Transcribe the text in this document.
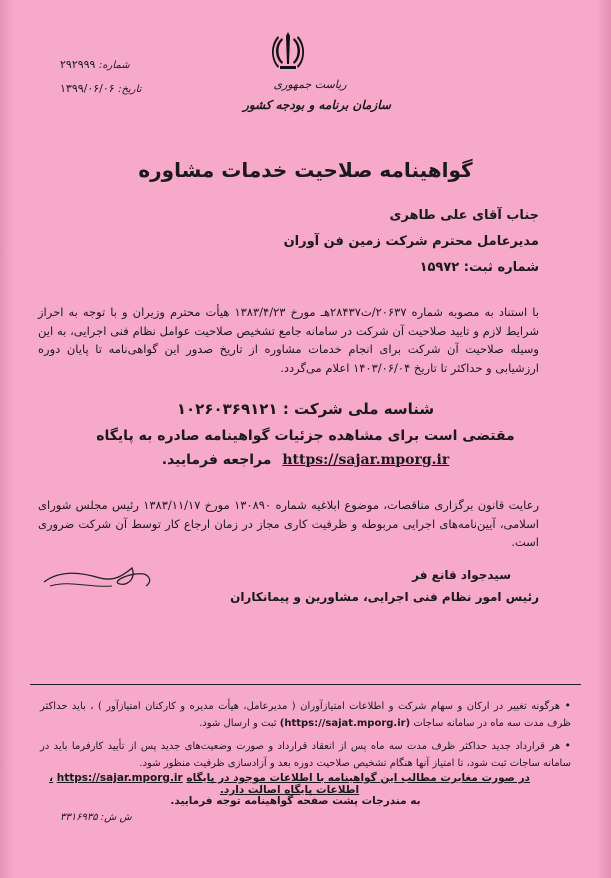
شماره: ۲۹۲۹۹۹
تاریخ: ۱۳۹۹/۰۶/۰۶	ریاست جمهوری
سازمان برنامه و بودجه کشور
گواهینامه صلاحیت خدمات مشاوره
جناب آقای علی طاهری
مدیرعامل محترم شرکت زمین فن آوران
شماره ثبت: ۱۵۹۷۲
با استناد به مصوبه شماره ۲۰۶۳۷/ت۲۸۴۳۷هـ مورخ ۱۳۸۳/۴/۲۳ هیأت محترم وزیران و با توجه به احراز شرایط لازم و تایید صلاحیت آن شرکت در سامانه جامع تشخیص صلاحیت عوامل نظام فنی اجرایی، به این وسیله صلاحیت آن شرکت برای انجام خدمات مشاوره از تاریخ صدور این گواهی‌نامه تا پایان دوره ارزشیابی و حداکثر تا تاریخ ۱۴۰۳/۰۶/۰۴ اعلام می‌گردد.
شناسه ملی شرکت : ۱۰۲۶۰۳۶۹۱۲۱
مقتضی است برای مشاهده جزئیات گواهینامه صادره به پایگاه
https://sajar.mporg.ir مراجعه فرمایید.
رعایت قانون برگزاری مناقصات، موضوع ابلاغیه شماره ۱۳۰۸۹۰ مورخ ۱۳۸۳/۱۱/۱۷ رئیس مجلس شورای اسلامی، آیین‌نامه‌های اجرایی مربوطه و ظرفیت کاری مجاز در زمان ارجاع کار توسط آن شرکت ضروری است.
سیدجواد قانع فر
رئیس امور نظام فنی اجرایی، مشاورین و پیمانکاران
• هرگونه تغییر در ارکان و سهام شرکت و اطلاعات امتیازآوران ( مدیرعامل، هیأت مدیره و کارکنان امتیازآور ) ، باید حداکثر ظرف مدت سه ماه در سامانه ساجات (https://sajat.mporg.ir) ثبت و ارسال شود.
• هر قرارداد جدید حداکثر ظرف مدت سه ماه پس از انعقاد قرارداد و صورت وضعیت‌های جدید پس از تأیید کارفرما باید در سامانه ساجات ثبت شود، تا امتیاز آنها هنگام تشخیص صلاحیت دوره بعد و آزادسازی ظرفیت منظور شود.
در صورت مغایرت مطالب این گواهینامه با اطلاعات موجود در پایگاه https://sajar.mporg.ir ، اطلاعات پایگاه اصالت دارد.
به مندرجات پشت صفحه گواهینامه توجه فرمایید.
ش ش: ۳۳۱۶۹۳۵
